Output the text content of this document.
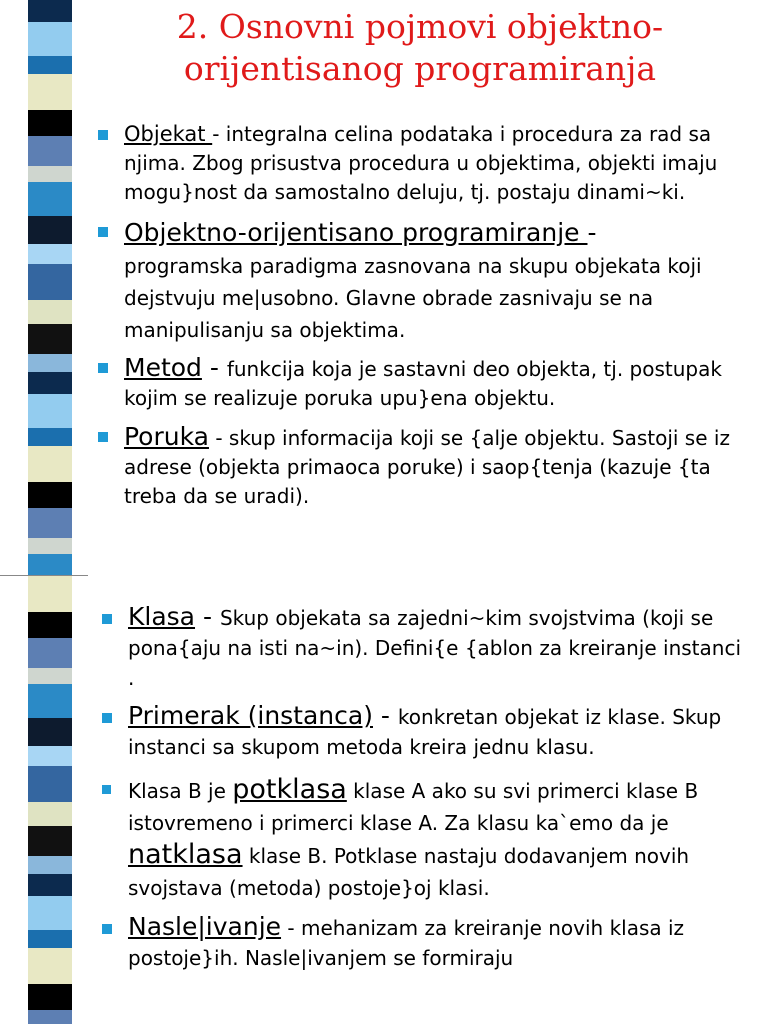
2. Osnovni pojmovi objektno-
orijentisanog programiranja
Objekat - integralna celina podataka i procedura za rad sa njima. Zbog prisustva procedura u objektima, objekti imaju mogu}nost da samostalno deluju, tj. postaju dinami~ki.
Objektno-orijentisano programiranje -
programska paradigma zasnovana na skupu objekata koji dejstvuju me|usobno. Glavne obrade zasnivaju se na manipulisanju sa objektima.
Metod - funkcija koja je sastavni deo objekta, tj. postupak kojim se realizuje poruka upu}ena objektu.
Poruka - skup informacija koji se {alje objektu. Sastoji se iz adrese (objekta primaoca poruke) i saop{tenja (kazuje {ta treba da se uradi).
Klasa - Skup objekata sa zajedni~kim svojstvima (koji se pona{aju na isti na~in). Defini{e {ablon za kreiranje instanci .
Primerak (instanca) - konkretan objekat iz klase. Skup instanci sa skupom metoda kreira jednu klasu.
Klasa B je potklasa klase A ako su svi primerci klase B istovremeno i primerci klase A. Za klasu ka`emo da je natklasa klase B. Potklase nastaju dodavanjem novih svojstava (metoda) postoje}oj klasi.
Nasle|ivanje - mehanizam za kreiranje novih klasa iz postoje}ih. Nasle|ivanjem se formiraju
